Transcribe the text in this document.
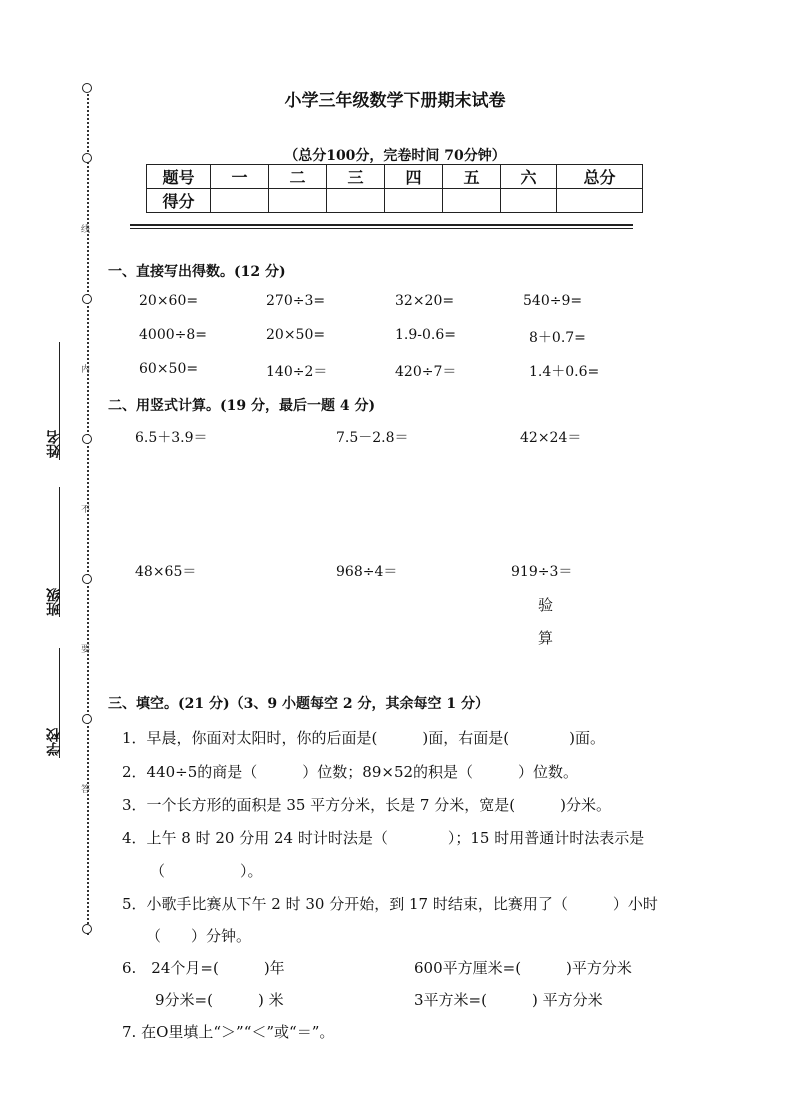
线
内
不
要
答
姓名
班级
学校
小学三年级数学下册期末试卷
（总分100分，完卷时间 70分钟）
题号	一	二	三	四	五	六	总分
得分							
一、直接写出得数。(12 分)
20×60=	270÷3=	32×20=	540÷9=
4000÷8=	20×50=	1.9-0.6=	8＋0.7=
60×50=	140÷2＝	420÷7＝	1.4＋0.6=
二、用竖式计算。(19 分，最后一题 4 分)
6.5＋3.9＝	7.5－2.8＝	42×24＝
48×65＝	968÷4＝	919÷3＝
验
算
三、填空。(21 分)（3、9 小题每空 2 分，其余每空 1 分）
1．早晨，你面对太阳时，你的后面是(　　　)面，右面是(　　　　)面。
2．440÷5的商是（　　　）位数；89×52的积是（　　　）位数。
3．一个长方形的面积是 35 平方分米，长是 7 分米，宽是(　　　)分米。
4．上午 8 时 20 分用 24 时计时法是（　　　　）；15 时用普通计时法表示是
（　　　　　）。
5．小歌手比赛从下午 2 时 30 分开始，到 17 时结束，比赛用了（　　　）小时
（　　）分钟。
6.　24个月=(　　　)年	600平方厘米=(　　　)平方分米
9分米=(　　　) 米	3平方米=(　　　) 平方分米
7. 在O里填上“＞”“＜”或“＝”。
